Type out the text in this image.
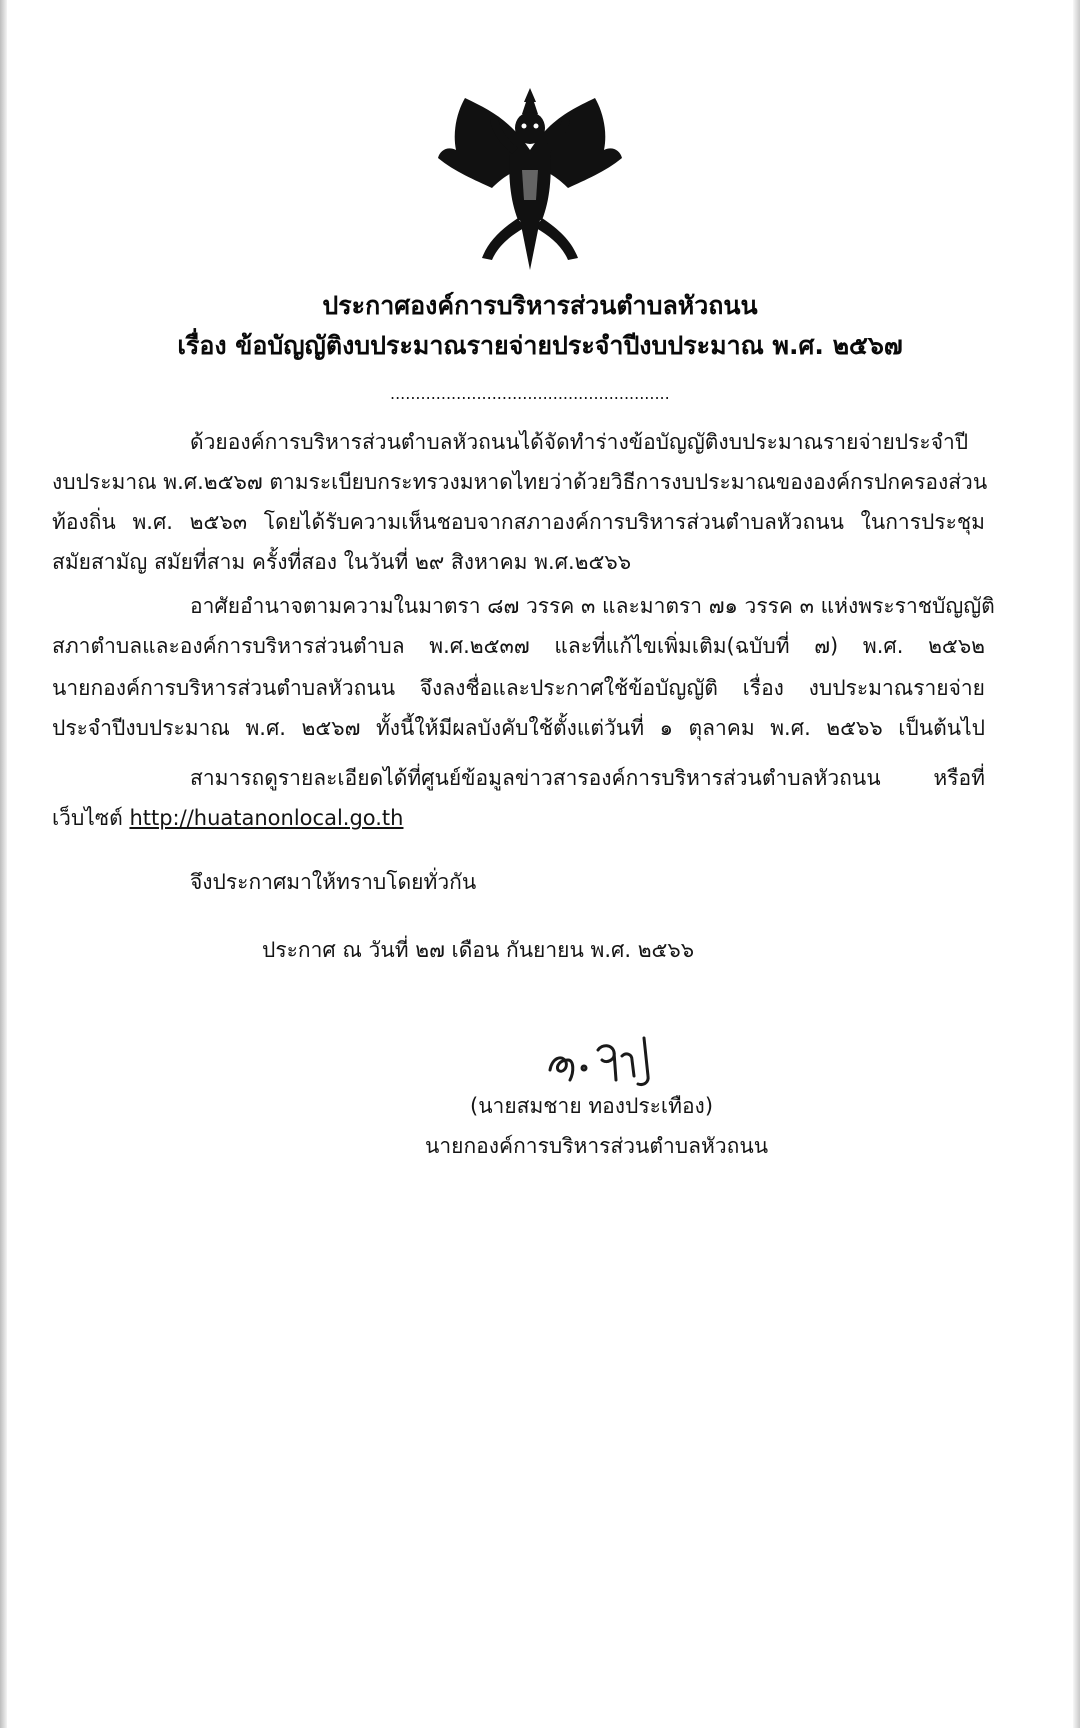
ประกาศองค์การบริหารส่วนตำบลหัวถนน
เรื่อง ข้อบัญญัติงบประมาณรายจ่ายประจำปีงบประมาณ พ.ศ. ๒๕๖๗
.......................................................
ด้วยองค์การบริหารส่วนตำบลหัวถนนได้จัดทำร่างข้อบัญญัติงบประมาณรายจ่ายประจำปี
งบประมาณ พ.ศ.๒๕๖๗ ตามระเบียบกระทรวงมหาดไทยว่าด้วยวิธีการงบประมาณขององค์กรปกครองส่วน
ท้องถิ่น พ.ศ. ๒๕๖๓ โดยได้รับความเห็นชอบจากสภาองค์การบริหารส่วนตำบลหัวถนน ในการประชุม
สมัยสามัญ สมัยที่สาม ครั้งที่สอง ในวันที่ ๒๙ สิงหาคม พ.ศ.๒๕๖๖
อาศัยอำนาจตามความในมาตรา ๘๗ วรรค ๓ และมาตรา ๗๑ วรรค ๓ แห่งพระราชบัญญัติ
สภาตำบลและองค์การบริหารส่วนตำบล พ.ศ.๒๕๓๗ และที่แก้ไขเพิ่มเติม(ฉบับที่ ๗) พ.ศ. ๒๕๖๒
นายกองค์การบริหารส่วนตำบลหัวถนน จึงลงชื่อและประกาศใช้ข้อบัญญัติ เรื่อง งบประมาณรายจ่าย
ประจำปีงบประมาณ พ.ศ. ๒๕๖๗ ทั้งนี้ให้มีผลบังคับใช้ตั้งแต่วันที่ ๑ ตุลาคม พ.ศ. ๒๕๖๖ เป็นต้นไป
สามารถดูรายละเอียดได้ที่ศูนย์ข้อมูลข่าวสารองค์การบริหารส่วนตำบลหัวถนน หรือที่
เว็บไซต์ http://huatanonlocal.go.th
จึงประกาศมาให้ทราบโดยทั่วกัน
ประกาศ ณ วันที่ ๒๗ เดือน กันยายน พ.ศ. ๒๕๖๖
(นายสมชาย ทองประเทือง)
นายกองค์การบริหารส่วนตำบลหัวถนน
